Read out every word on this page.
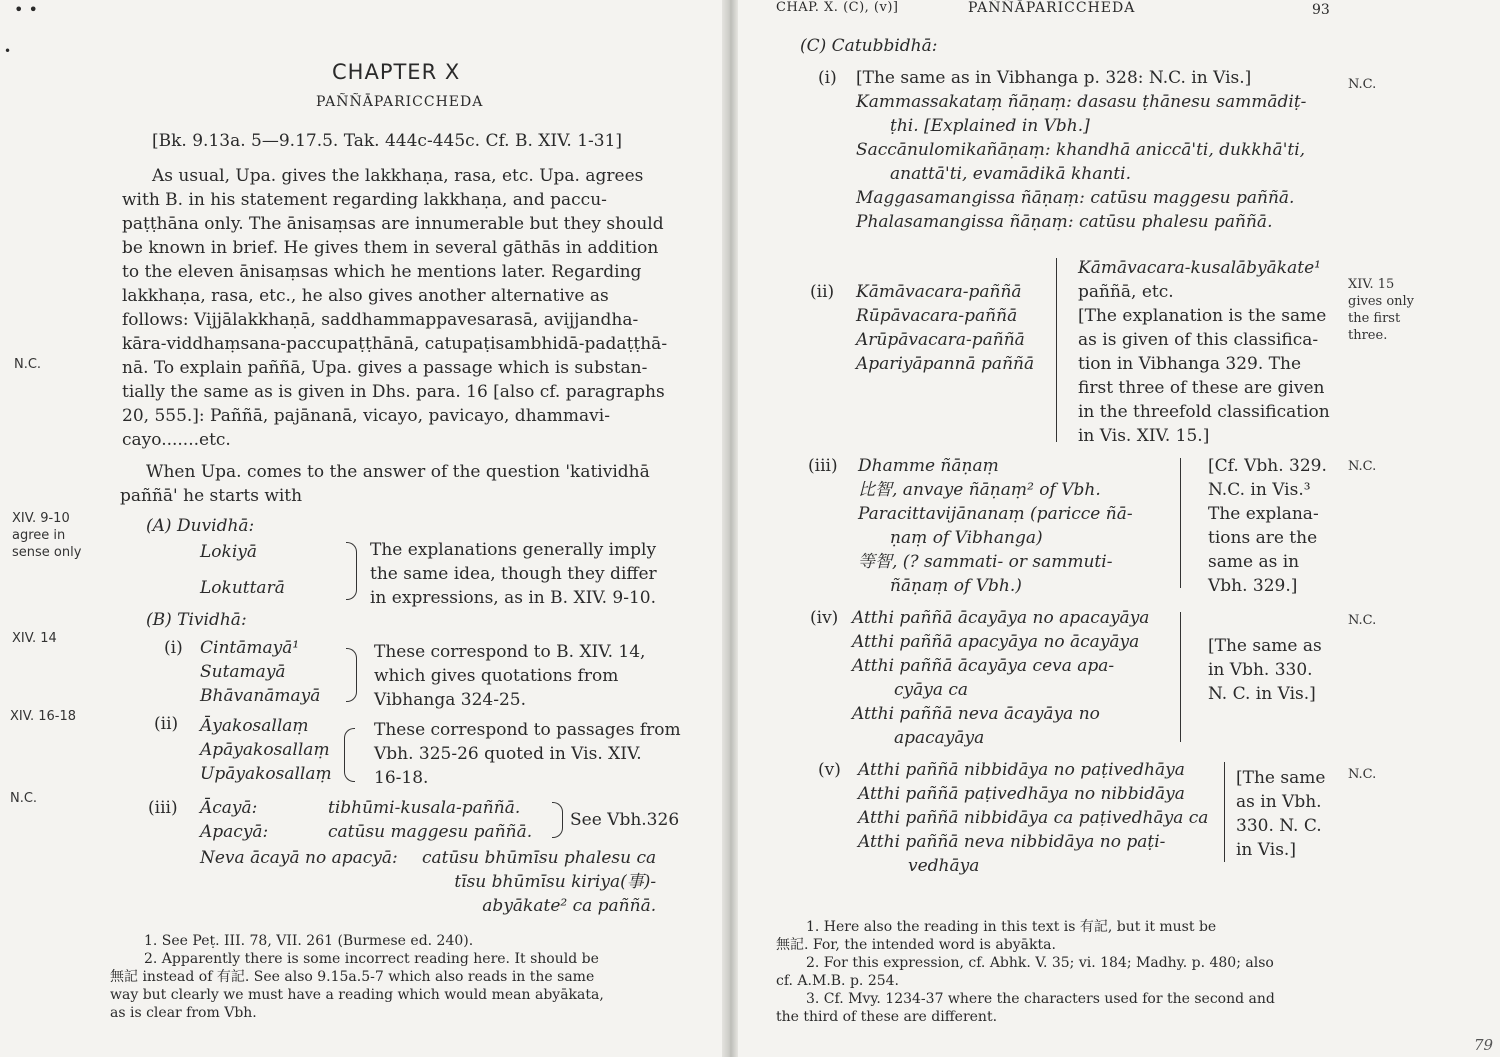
• •
•
CHAPTER X
PAÑÑĀPARICCHEDA
[Bk. 9.13a. 5—9.17.5. Tak. 444c-445c. Cf. B. XIV. 1-31]
As usual, Upa. gives the lakkhaṇa, rasa, etc. Upa. agrees
with B. in his statement regarding lakkhaṇa, and paccu-
paṭṭhāna only. The ānisaṃsas are innumerable but they should
be known in brief. He gives them in several gāthās in addition
to the eleven ānisaṃsas which he mentions later. Regarding
lakkhaṇa, rasa, etc., he also gives another alternative as
follows: Vijjālakkhaṇā, saddhammappavesarasā, avijjandha-
kāra-viddhaṃsana-paccupaṭṭhānā, catupaṭisambhidā-padaṭṭhā-
nā. To explain paññā, Upa. gives a passage which is substan-
tially the same as is given in Dhs. para. 16 [also cf. paragraphs
20, 555.]: Paññā, pajānanā, vicayo, pavicayo, dhammavi-
cayo.......etc.
When Upa. comes to the answer of the question 'katividhā
paññā' he starts with
(A) Duvidhā:
Lokiyā
Lokuttarā
The explanations generally imply
the same idea, though they differ
in expressions, as in B. XIV. 9-10.
(B) Tividhā:
(i) Cintāmayā¹
Sutamayā
Bhāvanāmayā
These correspond to B. XIV. 14,
which gives quotations from
Vibhanga 324-25.
(ii) Āyakosallaṃ
Apāyakosallaṃ
Upāyakosallaṃ
These correspond to passages from
Vbh. 325-26 quoted in Vis. XIV.
16-18.
(iii) Ācayā:	tibhūmi-kusala-paññā.
Apacyā:	catūsu maggesu paññā.
See Vbh.326
Neva ācayā no apacyā: catūsu bhūmīsu phalesu ca
tīsu bhūmīsu kiriya(事)-
abyākate² ca paññā.
1. See Peṭ. III. 78, VII. 261 (Burmese ed. 240).
2. Apparently there is some incorrect reading here. It should be
無記 instead of 有記. See also 9.15a.5-7 which also reads in the same
way but clearly we must have a reading which would mean abyākata,
as is clear from Vbh.
N.C.
XIV. 9-10
agree in
sense only
XIV. 14
XIV. 16-18
N.C.
CHAP. X. (C), (v)]	PAÑÑĀPARICCHEDA	93
(C) Catubbidhā:
(i) [The same as in Vibhanga p. 328: N.C. in Vis.]
Kammassakataṃ ñāṇaṃ: dasasu ṭhānesu sammādiṭ-
ṭhi. [Explained in Vbh.]
Saccānulomikañāṇaṃ: khandhā aniccā'ti, dukkhā'ti,
anattā'ti, evamādikā khanti.
Maggasamangissa ñāṇaṃ: catūsu maggesu paññā.
Phalasamangissa ñāṇaṃ: catūsu phalesu paññā.
(ii) Kāmāvacara-paññā
Rūpāvacara-paññā
Arūpāvacara-paññā
Apariyāpannā paññā
Kāmāvacara-kusalābyākate¹
paññā, etc.
[The explanation is the same
as is given of this classifica-
tion in Vibhanga 329. The
first three of these are given
in the threefold classification
in Vis. XIV. 15.]
(iii) Dhamme ñāṇaṃ
比智, anvaye ñāṇaṃ² of Vbh.
Paracittavijānanaṃ (paricce ñā-
ṇaṃ of Vibhanga)
等智, (? sammati- or sammuti-
ñāṇaṃ of Vbh.)
[Cf. Vbh. 329.
N.C. in Vis.³
The explana-
tions are the
same as in
Vbh. 329.]
(iv) Atthi paññā ācayāya no apacayāya
Atthi paññā apacyāya no ācayāya
Atthi paññā ācayāya ceva apa-
cyāya ca
Atthi paññā neva ācayāya no
apacayāya
[The same as
in Vbh. 330.
N. C. in Vis.]
(v) Atthi paññā nibbidāya no paṭivedhāya
Atthi paññā paṭivedhāya no nibbidāya
Atthi paññā nibbidāya ca paṭivedhāya ca
Atthi paññā neva nibbidāya no paṭi-
vedhāya
[The same
as in Vbh.
330. N. C.
in Vis.]
N.C.
XIV. 15
gives only
the first
three.
N.C.
N.C.
N.C.
1. Here also the reading in this text is 有記, but it must be
無記. For, the intended word is abyākta.
2. For this expression, cf. Abhk. V. 35; vi. 184; Madhy. p. 480; also
cf. A.M.B. p. 254.
3. Cf. Mvy. 1234-37 where the characters used for the second and
the third of these are different.
79
